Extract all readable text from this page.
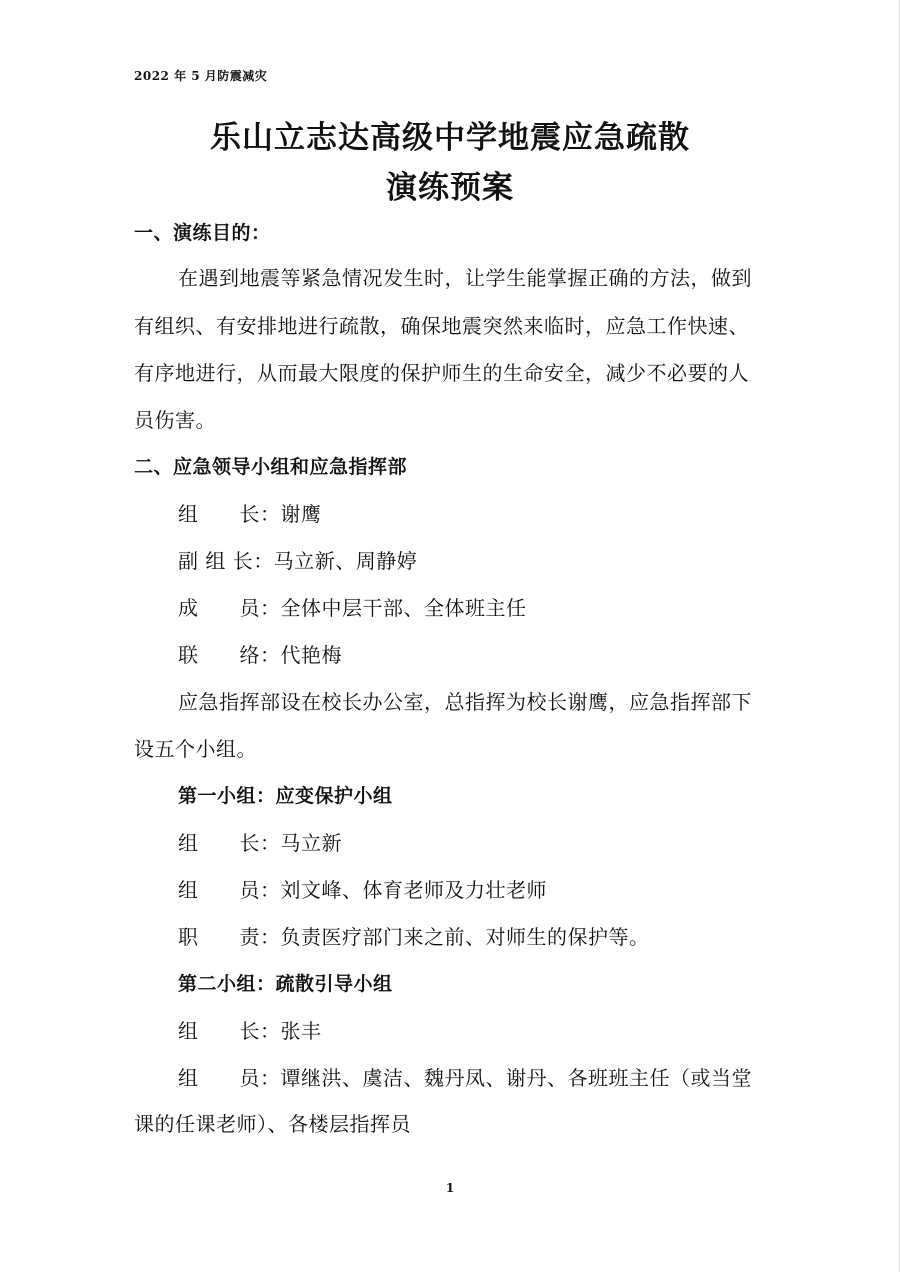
2022 年 5 月防震减灾
乐山立志达高级中学地震应急疏散
演练预案
一、演练目的：
在遇到地震等紧急情况发生时，让学生能掌握正确的方法，做到
有组织、有安排地进行疏散，确保地震突然来临时，应急工作快速、
有序地进行，从而最大限度的保护师生的生命安全，减少不必要的人
员伤害。
二、应急领导小组和应急指挥部
组　　长：谢鹰
副 组 长：马立新、周静婷
成　　员：全体中层干部、全体班主任
联　　络：代艳梅
应急指挥部设在校长办公室，总指挥为校长谢鹰，应急指挥部下
设五个小组。
第一小组：应变保护小组
组　　长：马立新
组　　员：刘文峰、体育老师及力壮老师
职　　责：负责医疗部门来之前、对师生的保护等。
第二小组：疏散引导小组
组　　长：张丰
组　　员：谭继洪、虞洁、魏丹凤、谢丹、各班班主任（或当堂
课的任课老师）、各楼层指挥员
1
